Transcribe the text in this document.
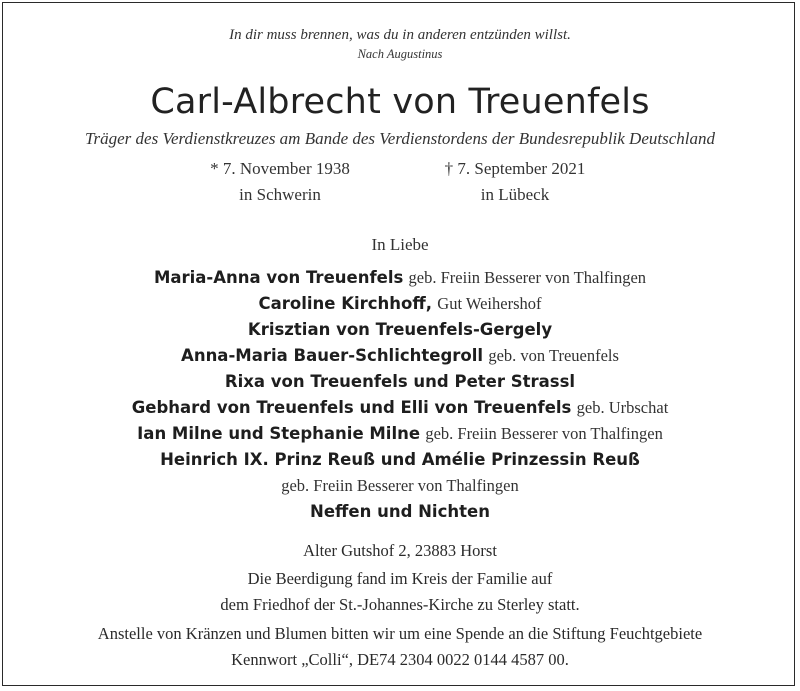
In dir muss brennen, was du in anderen entzünden willst.
Nach Augustinus
Carl-Albrecht von Treuenfels
Träger des Verdienstkreuzes am Bande des Verdienstordens der Bundesrepublik Deutschland
* 7. November 1938
in Schwerin
† 7. September 2021
in Lübeck
In Liebe
Maria-Anna von Treuenfels geb. Freiin Besserer von Thalfingen
Caroline Kirchhoff, Gut Weihershof
Krisztian von Treuenfels-Gergely
Anna-Maria Bauer-Schlichtegroll geb. von Treuenfels
Rixa von Treuenfels und Peter Strassl
Gebhard von Treuenfels und Elli von Treuenfels geb. Urbschat
Ian Milne und Stephanie Milne geb. Freiin Besserer von Thalfingen
Heinrich IX. Prinz Reuß und Amélie Prinzessin Reuß
geb. Freiin Besserer von Thalfingen
Neffen und Nichten
Alter Gutshof 2, 23883 Horst
Die Beerdigung fand im Kreis der Familie auf
dem Friedhof der St.-Johannes-Kirche zu Sterley statt.
Anstelle von Kränzen und Blumen bitten wir um eine Spende an die Stiftung Feuchtgebiete
Kennwort „Colli“, DE74 2304 0022 0144 4587 00.
